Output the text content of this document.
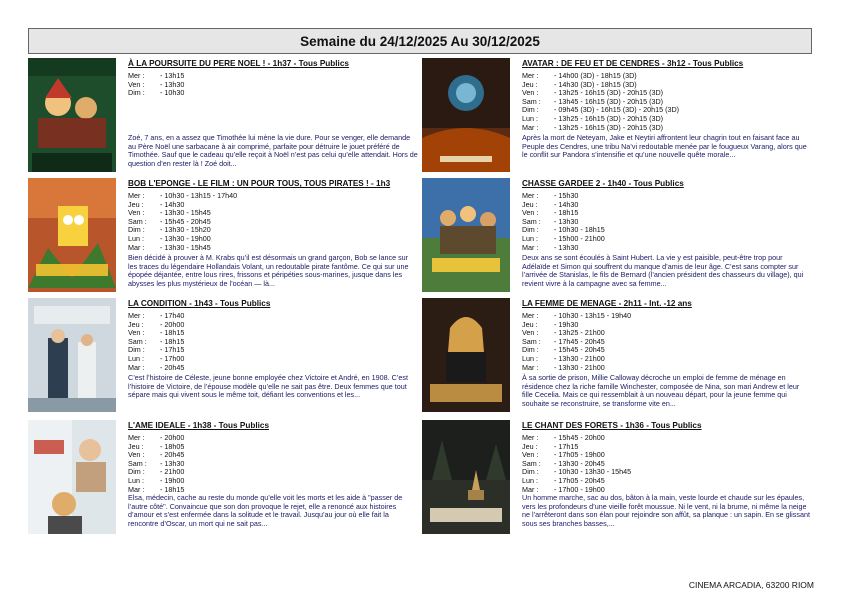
Semaine du 24/12/2025 Au 30/12/2025
À LA POURSUITE DU PERE NOEL ! - 1h37 - Tous Publics
Mer : - 13h15
Ven : - 13h30
Dim : - 10h30
Zoé, 7 ans, en a assez que Timothée lui mène la vie dure. Pour se venger, elle demande au Père Noël une sarbacane à air comprimé, parfaite pour détruire le jouet préféré de Timothée. Sauf que le cadeau qu’elle reçoit à Noël n’est pas celui qu’elle attendait. Hors de question d’en rester là ! Zoé doit...
AVATAR : DE FEU ET DE CENDRES - 3h12 - Tous Publics
Mer : - 14h00 (3D) - 18h15 (3D)
Jeu : - 14h30 (3D) - 18h15 (3D)
Ven : - 13h25 - 16h15 (3D) - 20h15 (3D)
Sam : - 13h45 - 16h15 (3D) - 20h15 (3D)
Dim : - 09h45 (3D) - 16h15 (3D) - 20h15 (3D)
Lun : - 13h25 - 16h15 (3D) - 20h15 (3D)
Mar : - 13h25 - 16h15 (3D) - 20h15 (3D)
Après la mort de Neteyam, Jake et Neytiri affrontent leur chagrin tout en faisant face au Peuple des Cendres, une tribu Na’vi redoutable menée par le fougueux Varang, alors que le conflit sur Pandora s’intensifie et qu’une nouvelle quête morale...
BOB L'EPONGE - LE FILM : UN POUR TOUS, TOUS PIRATES ! - 1h3
Mer : - 10h30 - 13h15 - 17h40
Jeu : - 14h30
Ven : - 13h30 - 15h45
Sam : - 15h45 - 20h45
Dim : - 13h30 - 15h20
Lun : - 13h30 - 19h00
Mar : - 13h30 - 15h45
Bien décidé à prouver à M. Krabs qu’il est désormais un grand garçon, Bob se lance sur les traces du légendaire Hollandais Volant, un redoutable pirate fantôme. Ce qui sur une épopée déjantée, entre lous rires, frissons et péripéties sous-marines, jusque dans les abysses les plus mystérieux de l’océan — là...
CHASSE GARDEE 2 - 1h40 - Tous Publics
Mer : - 15h30
Jeu : - 14h30
Ven : - 18h15
Sam : - 13h30
Dim : - 10h30 - 18h15
Lun : - 15h00 - 21h00
Mar : - 13h30
Deux ans se sont écoulés à Saint Hubert. La vie y est paisible, peut-être trop pour Adélaïde et Simon qui souffrent du manque d’amis de leur âge. C’est sans compter sur l’arrivée de Stanislas, le fils de Bernard (l’ancien président des chasseurs du village), qui revient vivre à la campagne avec sa femme...
LA CONDITION - 1h43 - Tous Publics
Mer : - 17h40
Jeu : - 20h00
Ven : - 18h15
Sam : - 18h15
Dim : - 17h15
Lun : - 17h00
Mar : - 20h45
C’est l’histoire de Céleste, jeune bonne employée chez Victoire et André, en 1908. C’est l’histoire de Victoire, de l’épouse modèle qu’elle ne sait pas être. Deux femmes que tout sépare mais qui vivent sous le même toit, défiant les conventions et les...
LA FEMME DE MENAGE - 2h11 - Int. -12 ans
Mer : - 10h30 - 13h15 - 19h40
Jeu : - 19h30
Ven : - 13h25 - 21h00
Sam : - 17h45 - 20h45
Dim : - 15h45 - 20h45
Lun : - 13h30 - 21h00
Mar : - 13h30 - 21h00
À sa sortie de prison, Millie Calloway décroche un emploi de femme de ménage en résidence chez la riche famille Winchester, composée de Nina, son mari Andrew et leur fille Cecelia. Mais ce qui ressemblait à un nouveau départ, pour la jeune femme qui souhaite se reconstruire, se transforme vite en...
L'AME IDEALE - 1h38 - Tous Publics
Mer : - 20h00
Jeu : - 18h05
Ven : - 20h45
Sam : - 13h30
Dim : - 21h00
Lun : - 19h00
Mar : - 18h15
Elsa, médecin, cache au reste du monde qu’elle voit les morts et les aide à "passer de l’autre côté". Convaincue que son don provoque le rejet, elle a renoncé aux histoires d’amour et s’est enfermée dans la solitude et le travail. Jusqu’au jour où elle fait la rencontre d’Oscar, un mort qui ne sait pas...
LE CHANT DES FORETS - 1h36 - Tous Publics
Mer : - 15h45 - 20h00
Jeu : - 17h15
Ven : - 17h05 - 19h00
Sam : - 13h30 - 20h45
Dim : - 10h30 - 13h30 - 15h45
Lun : - 17h05 - 20h45
Mar : - 17h00 - 19h00
Un homme marche, sac au dos, bâton à la main, veste lourde et chaude sur les épaules, vers les profondeurs d’une vieille forêt moussue. Ni le vent, ni la brume, ni même la neige ne l’arrêteront dans son élan pour rejoindre son affût, sa planque : un sapin. En se glissant sous ses branches basses,...
CINEMA ARCADIA, 63200 RIOM
